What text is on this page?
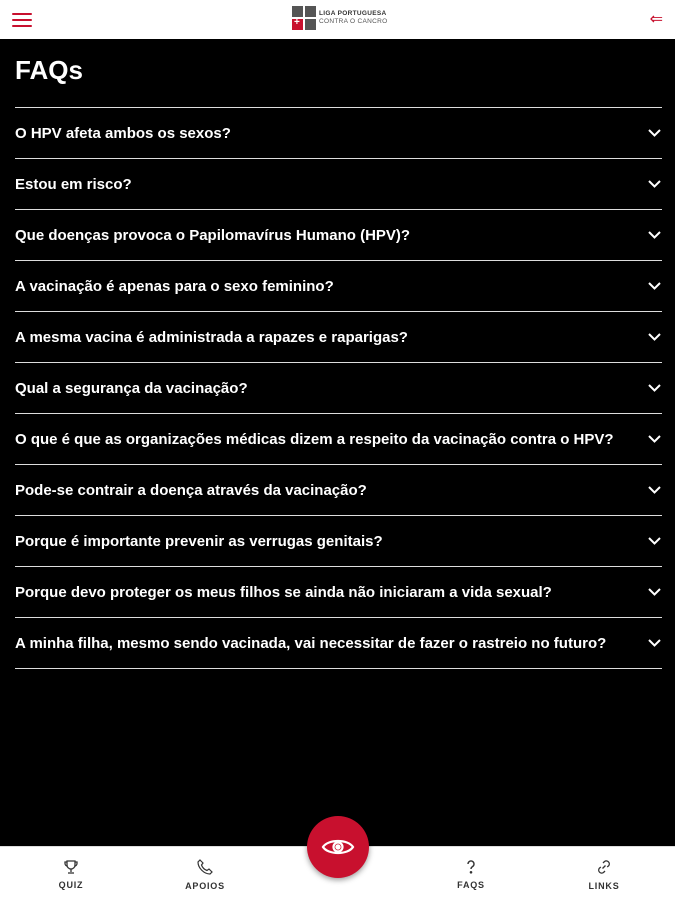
+
LIGA PORTUGUESA
CONTRA O CANCRO	⇐
FAQs
O HPV afeta ambos os sexos?
Estou em risco?
Que doenças provoca o Papilomavírus Humano (HPV)?
A vacinação é apenas para o sexo feminino?
A mesma vacina é administrada a rapazes e raparigas?
Qual a segurança da vacinação?
O que é que as organizações médicas dizem a respeito da vacinação contra o HPV?
Pode-se contrair a doença através da vacinação?
Porque é importante prevenir as verrugas genitais?
Porque devo proteger os meus filhos se ainda não iniciaram a vida sexual?
A minha filha, mesmo sendo vacinada, vai necessitar de fazer o rastreio no futuro?
QUIZ	APOIOS	FAQS	LINKS
